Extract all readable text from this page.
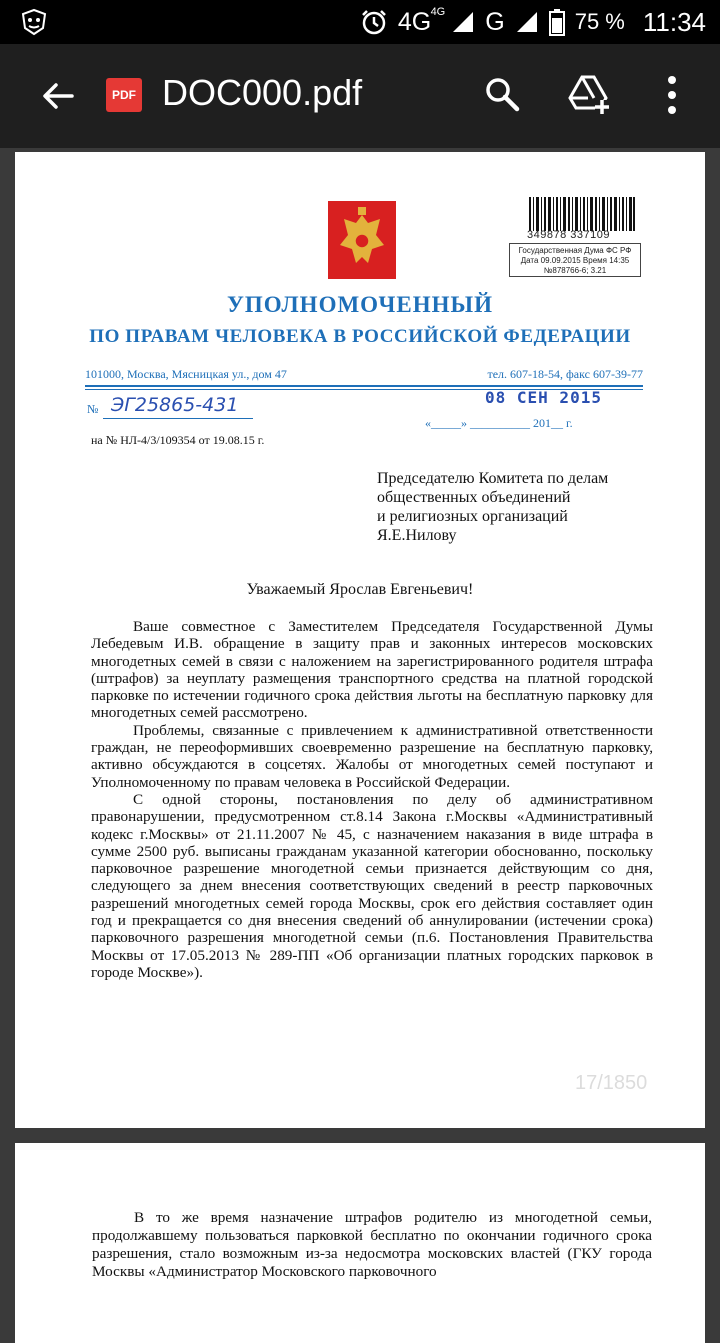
4G 4G G	75 % 11:34
PDF DOC000.pdf
349878 337109
Государственная Дума ФС РФ
Дата 09.09.2015 Время 14:35
№878766-6; 3.21
УПОЛНОМОЧЕННЫЙ
ПО ПРАВАМ ЧЕЛОВЕКА В РОССИЙСКОЙ ФЕДЕРАЦИИ
101000, Москва, Мясницкая ул., дом 47	тел. 607-18-54, факс 607-39-77
№ ЭГ25865-431	08 СЕН 2015
«_____» __________ 201__ г.
на № НЛ-4/3/109354 от 19.08.15 г.
Председателю Комитета по делам
общественных объединений
и религиозных организаций
Я.Е.Нилову
Уважаемый Ярослав Евгеньевич!

Ваше совместное с Заместителем Председателя Государственной Думы Лебедевым И.В. обращение в защиту прав и законных интересов московских многодетных семей в связи с наложением на зарегистрированного родителя штрафа (штрафов) за неуплату размещения транспортного средства на платной городской парковке по истечении годичного срока действия льготы на бесплатную парковку для многодетных семей рассмотрено.

Проблемы, связанные с привлечением к административной ответственности граждан, не переоформивших своевременно разрешение на бесплатную парковку, активно обсуждаются в соцсетях. Жалобы от многодетных семей поступают и Уполномоченному по правам человека в Российской Федерации.

С одной стороны, постановления по делу об административном правонарушении, предусмотренном ст.8.14 Закона г.Москвы «Административный кодекс г.Москвы» от 21.11.2007 № 45, с назначением наказания в виде штрафа в сумме 2500 руб. выписаны гражданам указанной категории обоснованно, поскольку парковочное разрешение многодетной семьи признается действующим со дня, следующего за днем внесения соответствующих сведений в реестр парковочных разрешений многодетных семей города Москвы, срок его действия составляет один год и прекращается со дня внесения сведений об аннулировании (истечении срока) парковочного разрешения многодетной семьи (п.6. Постановления Правительства Москвы от 17.05.2013 № 289-ПП «Об организации платных городских парковок в городе Москве»).

17/1850

В то же время назначение штрафов родителю из многодетной семьи, продолжавшему пользоваться парковкой бесплатно по окончании годичного срока разрешения, стало возможным из-за недосмотра московских властей (ГКУ города Москвы «Администратор Московского парковочного
